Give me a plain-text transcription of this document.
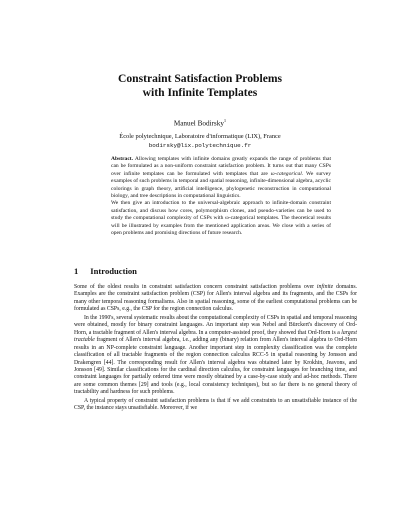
Constraint Satisfaction Problems
with Infinite Templates
Manuel Bodirsky$^1$
École polytechnique, Laboratoire d'informatique (LIX), France
bodirsky@lix.polytechnique.fr

Abstract. Allowing templates with infinite domains greatly expands the range of problems that can be formulated as a non-uniform constraint satisfaction problem. It turns out that many CSPs over infinite templates can be formulated with templates that are ω-categorical. We survey examples of such problems in temporal and spatial reasoning, infinite-dimensional algebra, acyclic colorings in graph theory, artificial intelligence, phylogenetic reconstruction in computational biology, and tree descriptions in computational linguistics.

We then give an introduction to the universal-algebraic approach to infinite-domain constraint satisfaction, and discuss how cores, polymorphism clones, and pseudo-varieties can be used to study the computational complexity of CSPs with ω-categorical templates. The theoretical results will be illustrated by examples from the mentioned application areas. We close with a series of open problems and promising directions of future research.

1 Introduction

Some of the oldest results in constraint satisfaction concern constraint satisfaction problems over infinite domains. Examples are the constraint satisfaction problem (CSP) for Allen's interval algebra and its fragments, and the CSPs for many other temporal reasoning formalisms. Also in spatial reasoning, some of the earliest computational problems can be formulated as CSPs, e.g., the CSP for the region connection calculus.

In the 1990's, several systematic results about the computational complexity of CSPs in spatial and temporal reasoning were obtained, mostly for binary constraint languages. An important step was Nebel and Bürckert's discovery of Ord-Horn, a tractable fragment of Allen's interval algebra. In a computer-assisted proof, they showed that Ord-Horn is a largest tractable fragment of Allen's interval algebra, i.e., adding any (binary) relation from Allen's interval algebra to Ord-Horn results in an NP-complete constraint language. Another important step in complexity classification was the complete classification of all tractable fragments of the region connection calculus RCC-5 in spatial reasoning by Jonsson and Drakengren [44]. The corresponding result for Allen's interval algebra was obtained later by Krokhin, Jeavons, and Jonsson [49]. Similar classifications for the cardinal direction calculus, for constraint languages for branching time, and constraint languages for partially ordered time were mostly obtained by a case-by-case study and ad-hoc methods. There are some common themes [29] and tools (e.g., local consistency techniques), but so far there is no general theory of tractability and hardness for such problems.

A typical property of constraint satisfaction problems is that if we add constraints to an unsatisfiable instance of the CSP, the instance stays unsatisfiable. Moreover, if we
